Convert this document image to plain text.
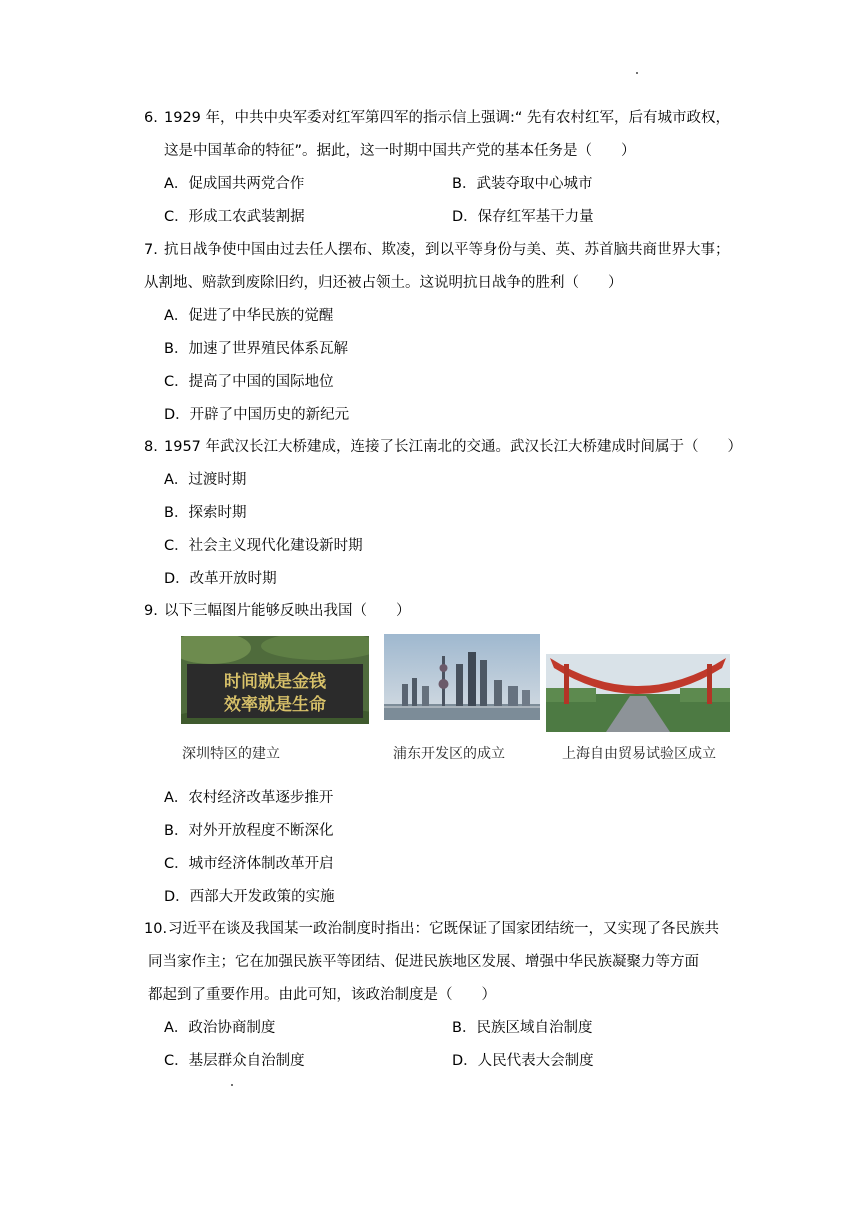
6. 1929 年，中共中央军委对红军第四军的指示信上强调:“ 先有农村红军，后有城市政权，
这是中国革命的特征”。据此，这一时期中国共产党的基本任务是（　　）
A．促成国共两党合作	B．武装夺取中心城市
C．形成工农武装割据	D．保存红军基干力量
7. 抗日战争使中国由过去任人摆布、欺凌，到以平等身份与美、英、苏首脑共商世界大事；
从割地、赔款到废除旧约，归还被占领土。这说明抗日战争的胜利（　　）
A．促进了中华民族的觉醒
B．加速了世界殖民体系瓦解
C．提高了中国的国际地位
D．开辟了中国历史的新纪元
8. 1957 年武汉长江大桥建成，连接了长江南北的交通。武汉长江大桥建成时间属于（　　）
A．过渡时期
B．探索时期
C．社会主义现代化建设新时期
D．改革开放时期
9. 以下三幅图片能够反映出我国（　　）
时间就是金钱
效率就是生命
深圳特区的建立	浦东开发区的成立	上海自由贸易试验区成立
A．农村经济改革逐步推开
B．对外开放程度不断深化
C．城市经济体制改革开启
D．西部大开发政策的实施
10. 习近平在谈及我国某一政治制度时指出：它既保证了国家团结统一，又实现了各民族共
同当家作主；它在加强民族平等团结、促进民族地区发展、增强中华民族凝聚力等方面
都起到了重要作用。由此可知，该政治制度是（　　）
A．政治协商制度	B．民族区域自治制度
C．基层群众自治制度	D．人民代表大会制度
